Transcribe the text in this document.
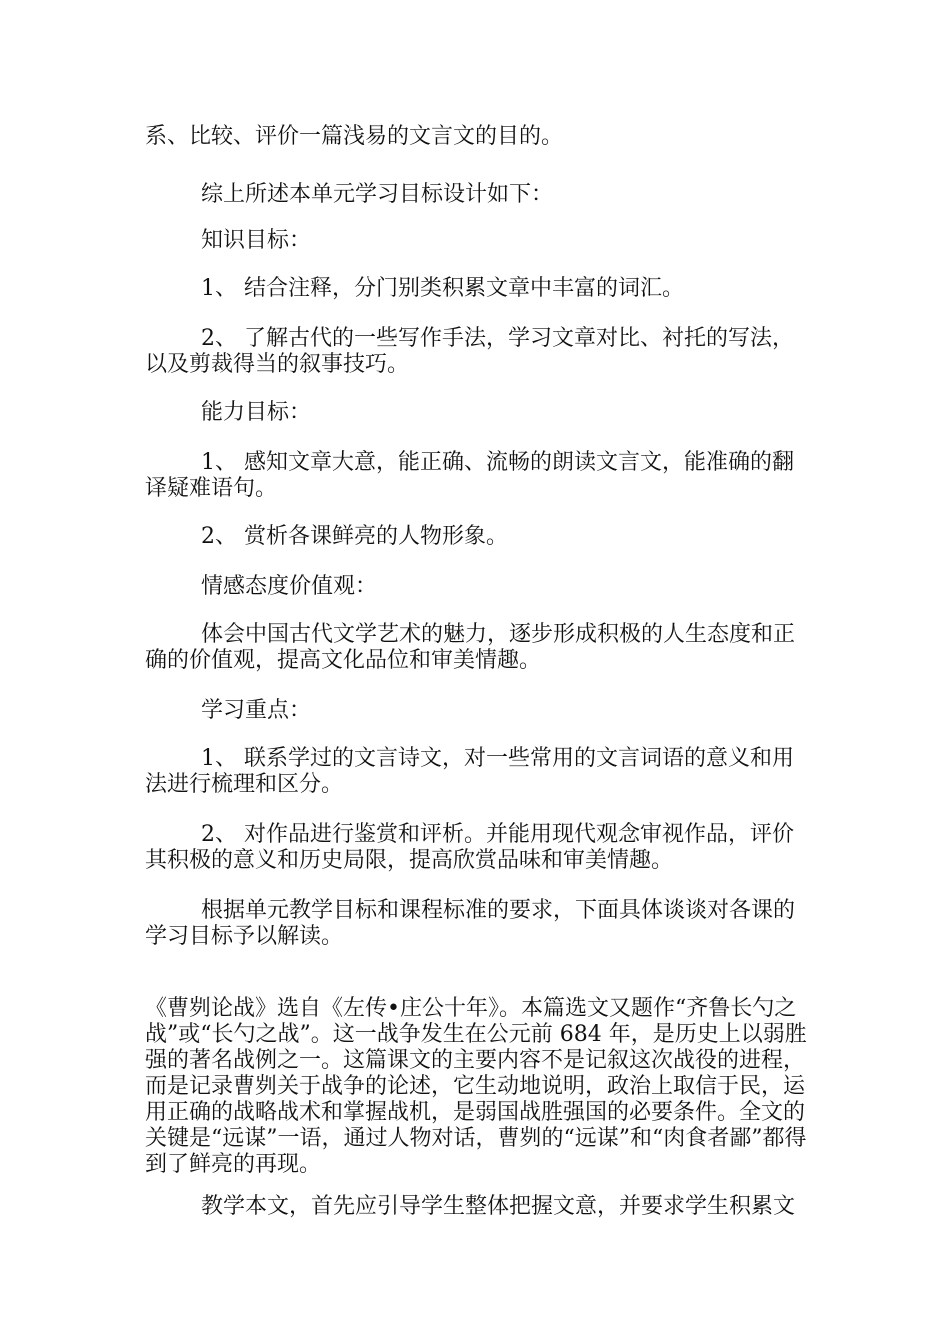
系、比较、评价一篇浅易的文言文的目的。

综上所述本单元学习目标设计如下：

知识目标：

1、 结合注释，分门别类积累文章中丰富的词汇。

2、 了解古代的一些写作手法，学习文章对比、衬托的写法，以及剪裁得当的叙事技巧。

能力目标：

1、 感知文章大意，能正确、流畅的朗读文言文，能准确的翻译疑难语句。

2、 赏析各课鲜亮的人物形象。

情感态度价值观：

体会中国古代文学艺术的魅力，逐步形成积极的人生态度和正确的价值观，提高文化品位和审美情趣。

学习重点：

1、 联系学过的文言诗文，对一些常用的文言词语的意义和用法进行梳理和区分。

2、 对作品进行鉴赏和评析。并能用现代观念审视作品，评价其积极的意义和历史局限，提高欣赏品味和审美情趣。

根据单元教学目标和课程标准的要求，下面具体谈谈对各课的学习目标予以解读。

《曹刿论战》选自《左传•庄公十年》。本篇选文又题作“齐鲁长勺之战”或“长勺之战”。这一战争发生在公元前 684 年，是历史上以弱胜强的著名战例之一。这篇课文的主要内容不是记叙这次战役的进程，而是记录曹刿关于战争的论述，它生动地说明，政治上取信于民，运用正确的战略战术和掌握战机，是弱国战胜强国的必要条件。全文的关键是“远谋”一语，通过人物对话，曹刿的“远谋”和“肉食者鄙”都得到了鲜亮的再现。

教学本文，首先应引导学生整体把握文意，并要求学生积累文
